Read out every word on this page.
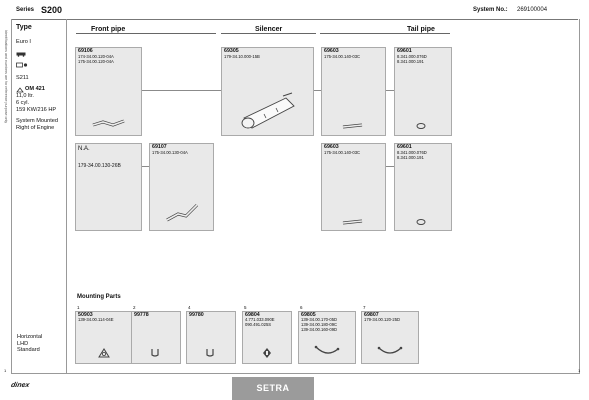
Series S200	System No.: 269100004
Type
Euro I
S211
OM 421
11,0 ltr.
6 cyl.
159 KW/216 HP
System Mounted
Right of Engine
Identifications and numbers are for reference purpose only
Front pipe	Silencer	Tail pipe
69106
174-34.00.120-04A
175-34.00.120-04A
69305
179-34.10.000-15B
69603
175-34.00.140-03C
69601
8.341.000.076D
8.341.000.191
N.A.
179-34.00.130-26B
69107
175-34.00.130-04A
69603
175-34.00.140-03C
69601
8.341.000.076D
8.341.000.191
Mounting Parts
1
50903
139-34.00.114-04E
2
99778
4
99780
5
69804
4.771.033.090E
090.491.025S
6
69805
139-34.00.170-05D
139-34.00.180-09C
139-34.00.160-09D
7
69807
179-34.00.120-25D
Horizontal
LHD
Standard
dinex	SETRA
1	1
